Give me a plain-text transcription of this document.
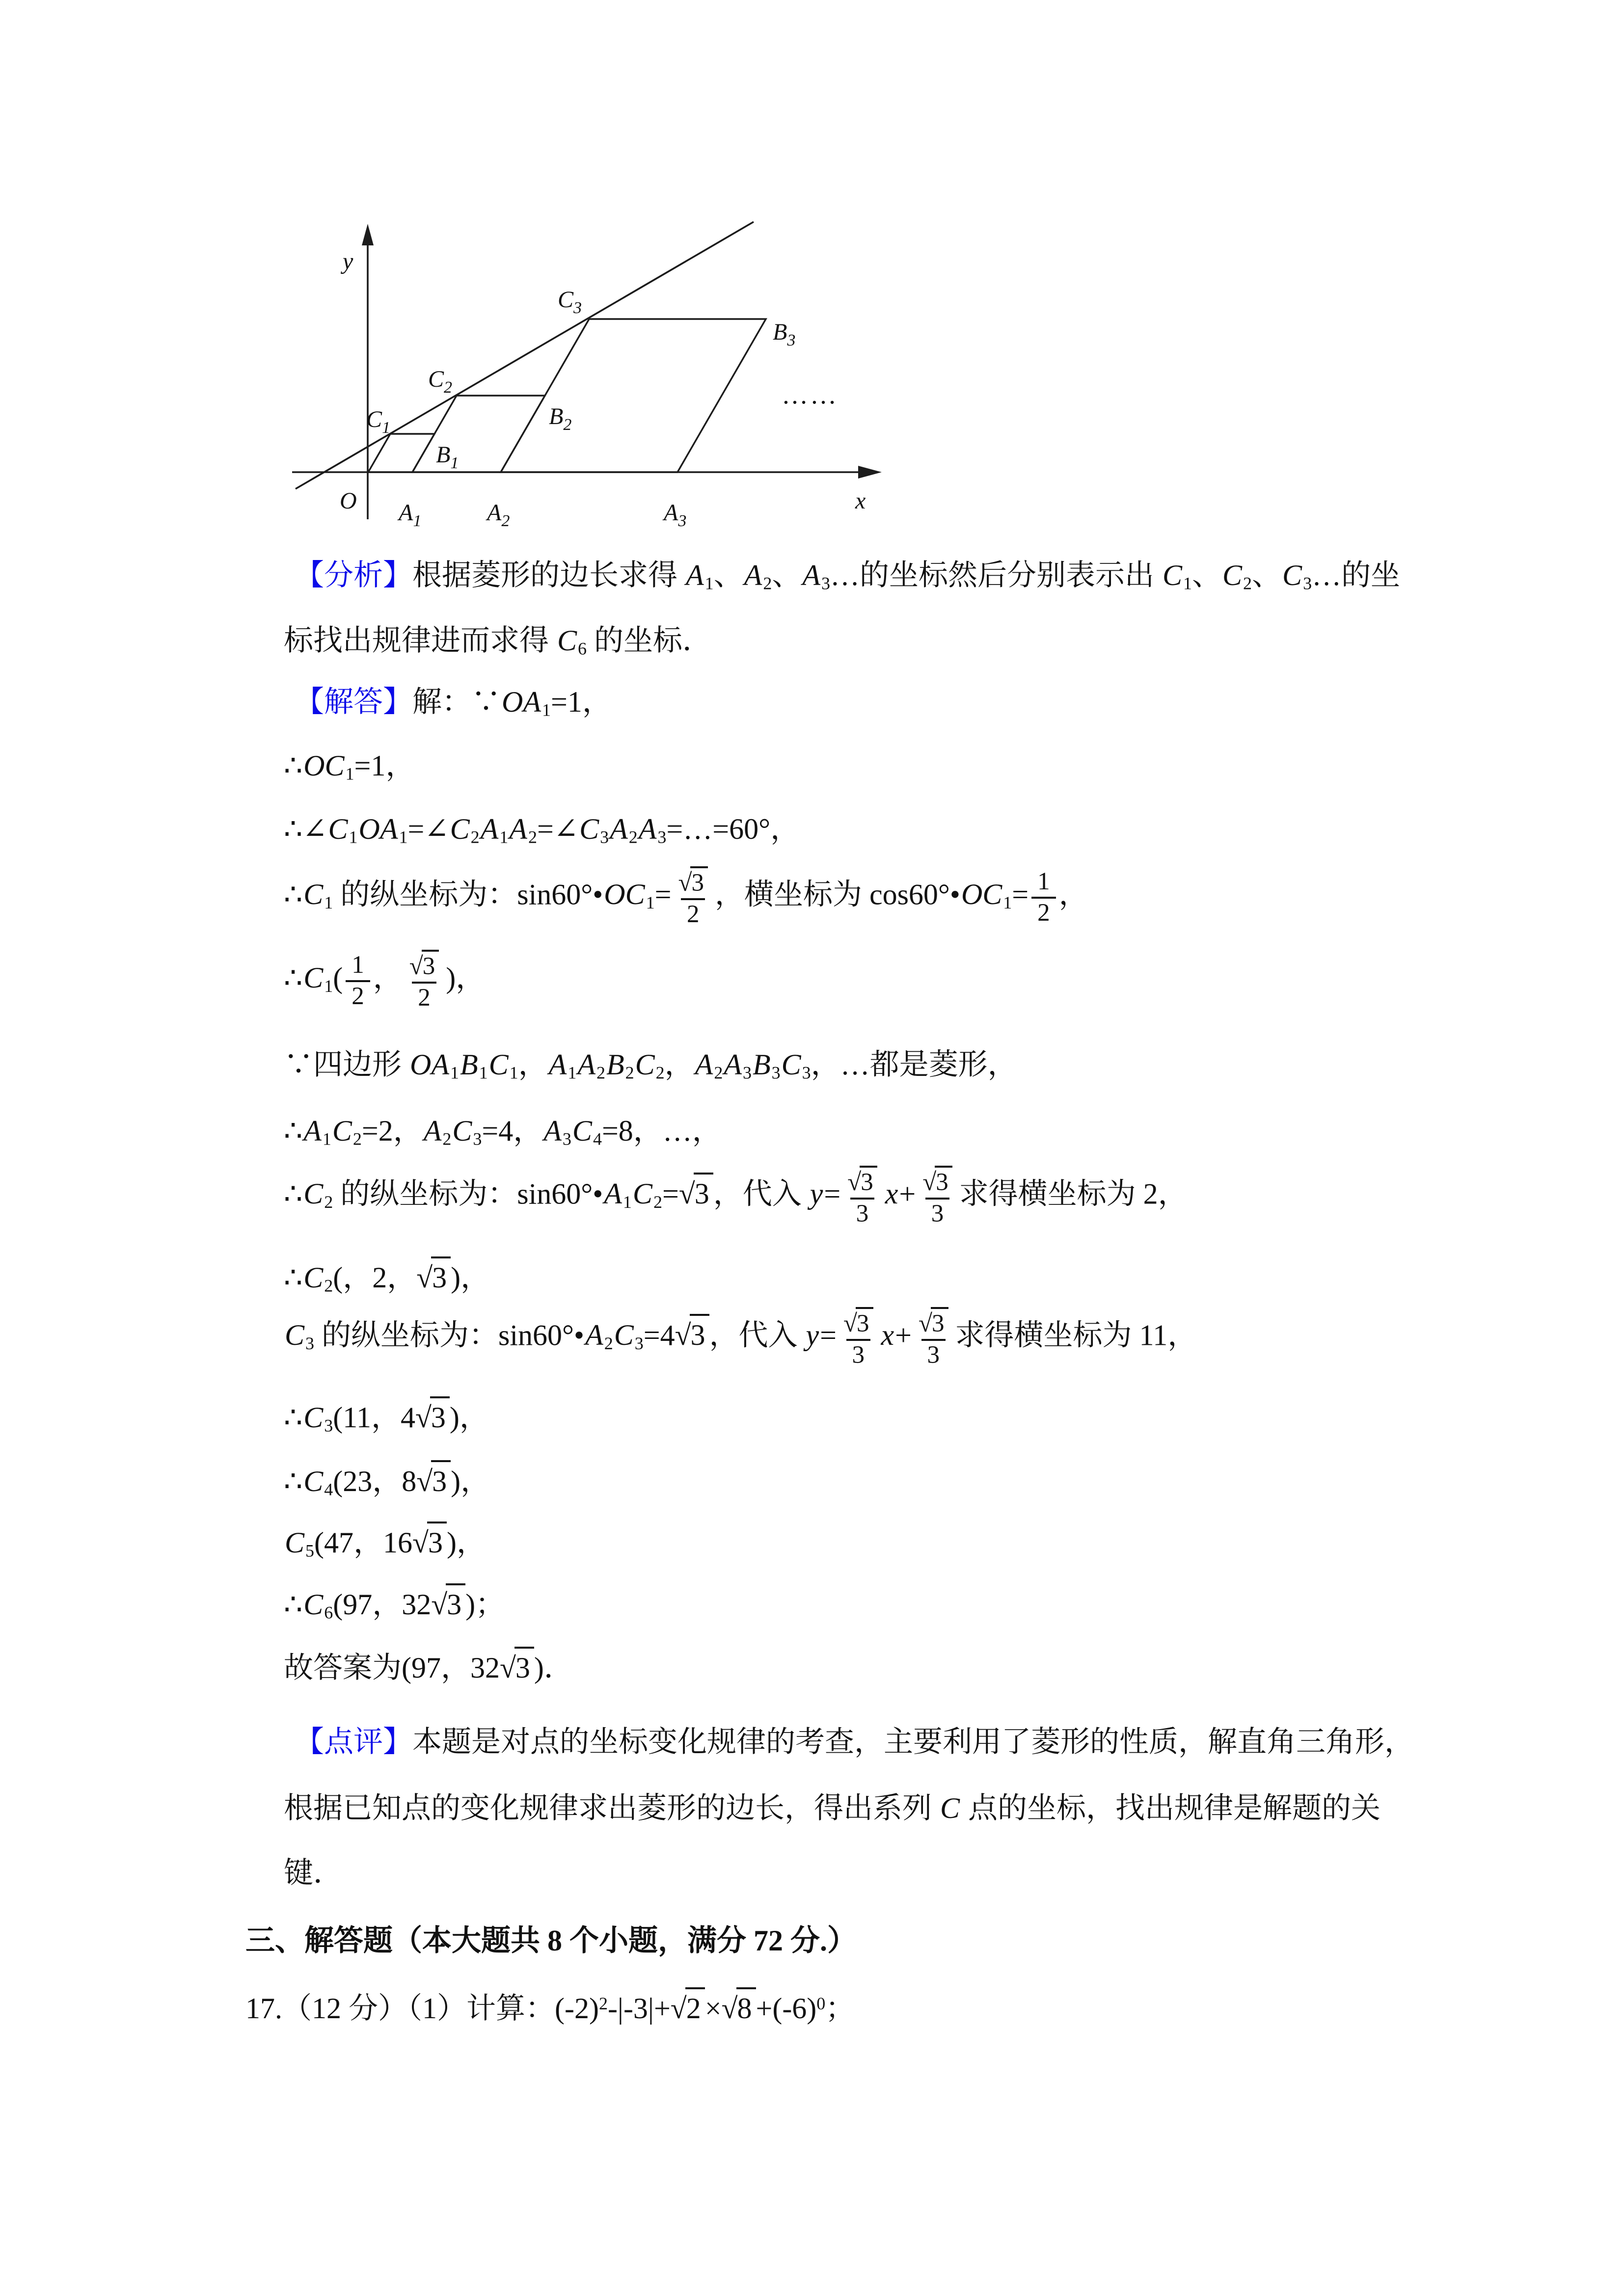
y
x
O $A_1$	$A_2$	$A_3$
$B_1$
$B_2$
$B_3$
$C_1$
$C_2$
$C_3$
……
【分析】根据菱形的边长求得 $A_1$、$A_2$、$A_3\dots$的坐标然后分别表示出 $C_1$、$C_2$、$C_3\dots$的坐
标找出规律进而求得 $C_6$ 的坐标．
【解答】解：$\because OA_1=1$，
$\therefore OC_1=1$，
$\therefore\angle C_1OA_1=\angle C_2A_1A_2=\angle C_3A_2A_3=\dots=60^\circ$，
$\therefore C_1$ 的纵坐标为：$\sin 60^\circ•OC_1= \frac{√3}{2}$ ，横坐标为 $\cos 60^\circ•OC_1= \frac{1}{2}$ ，
$\therefore C_1( \frac{1}{2}$ ， $\frac{√3}{2}$ )，
∵四边形 $OA_1B_1C_1$，$A_1A_2B_2C_2$，$A_2A_3B_3C_3$，…都是菱形，
$\therefore A_1C_2=2$，$A_2C_3=4$，$A_3C_4=8$，…，
$\therefore C_2$ 的纵坐标为：$\sin 60^\circ•A_1C_2=√3$ ，代入 $y= \frac{√3}{3} x+ \frac{√3}{3}$ 求得横坐标为 2，
$\therefore C_2$(，2，√3 )，
$C_3$ 的纵坐标为：$\sin 60^\circ•A_2C_3=4√3$ ，代入 $y= \frac{√3}{3} x+ \frac{√3}{3}$ 求得横坐标为 11，
$\therefore C_3(11$，4√3 )，
$\therefore C_4(23$，8√3 )，
$C_5(47$，16√3 )，
$\therefore C_6(97$，32√3 )；
故答案为(97，32√3 )．
【点评】本题是对点的坐标变化规律的考查，主要利用了菱形的性质，解直角三角形，
根据已知点的变化规律求出菱形的边长，得出系列 C 点的坐标，找出规律是解题的关
键．
三、解答题（本大题共 8 个小题，满分 72 分.）
17.（12 分）（1）计算：$(-2)^2-|-3|+√2 \times√8 +(-6)^0$；
